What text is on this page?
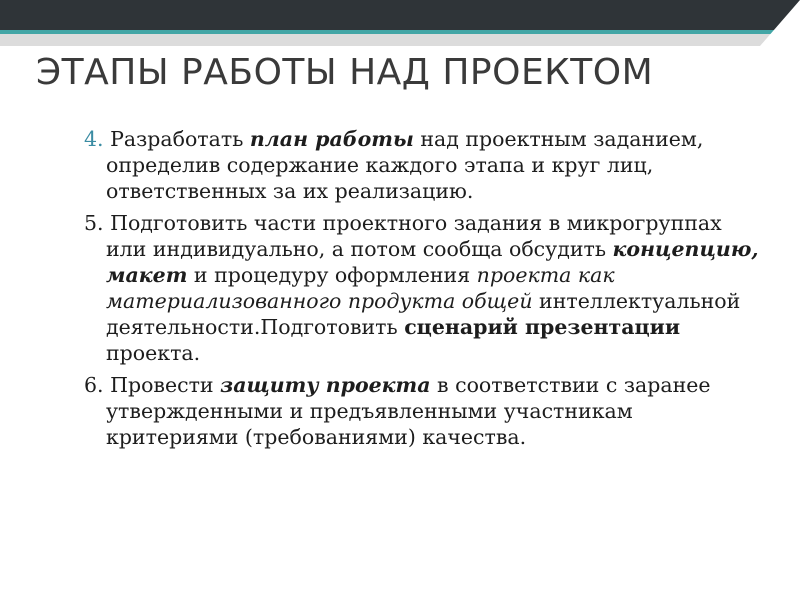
ЭТАПЫ РАБОТЫ НАД ПРОЕКТОМ

4. Разработать план работы над проектным заданием, определив содержание каждого этапа и круг лиц, ответственных за их реализацию.

5. Подготовить части проектного задания в микрогруппах или индивидуально, а потом сообща обсудить концепцию, макет и процедуру оформления проекта как материализованного продукта общей интеллектуальной деятельности.Подготовить сценарий презентации проекта.

6. Провести защиту проекта в соответствии с заранее утвержденными и предъявленными участникам критериями (требованиями) качества.
